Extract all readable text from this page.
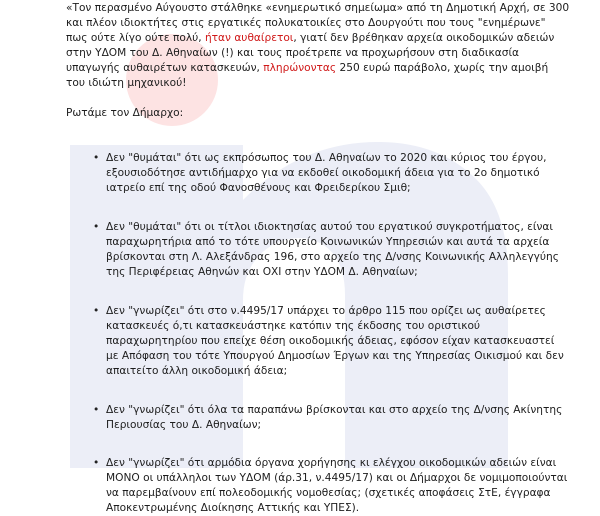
«Τον περασμένο Αύγουστο στάλθηκε «ενημερωτικό σημείωμα» από τη Δημοτική Αρχή, σε 300 και πλέον ιδιοκτήτες στις εργατικές πολυκατοικίες στο Δουργούτι που τους "ενημέρωνε" πως ούτε λίγο ούτε πολύ, ήταν αυθαίρετοι, γιατί δεν βρέθηκαν αρχεία οικοδομικών αδειών στην ΥΔΟΜ του Δ. Αθηναίων (!) και τους προέτρεπε να προχωρήσουν στη διαδικασία υπαγωγής αυθαιρέτων κατασκευών, πληρώνοντας 250 ευρώ παράβολο, χωρίς την αμοιβή του ιδιώτη μηχανικού!

Ρωτάμε τον Δήμαρχο:

• Δεν "θυμάται" ότι ως εκπρόσωπος του Δ. Αθηναίων το 2020 και κύριος του έργου, εξουσιοδότησε αντιδήμαρχο για να εκδοθεί οικοδομική άδεια για το 2ο δημοτικό ιατρείο επί της οδού Φανοσθένους και Φρειδερίκου Σμιθ;
• Δεν "θυμάται" ότι οι τίτλοι ιδιοκτησίας αυτού του εργατικού συγκροτήματος, είναι παραχωρητήρια από το τότε υπουργείο Κοινωνικών Υπηρεσιών και αυτά τα αρχεία βρίσκονται στη Λ. Αλεξάνδρας 196, στο αρχείο της Δ/νσης Κοινωνικής Αλληλεγγύης της Περιφέρειας Αθηνών και ΟΧΙ στην ΥΔΟΜ Δ. Αθηναίων;
• Δεν "γνωρίζει" ότι στο ν.4495/17 υπάρχει το άρθρο 115 που ορίζει ως αυθαίρετες κατασκευές ό,τι κατασκευάστηκε κατόπιν της έκδοσης του οριστικού παραχωρητηρίου που επείχε θέση οικοδομικής άδειας, εφόσον είχαν κατασκευαστεί με Απόφαση του τότε Υπουργού Δημοσίων Έργων και της Υπηρεσίας Οικισμού και δεν απαιτείτο άλλη οικοδομική άδεια;
• Δεν "γνωρίζει" ότι όλα τα παραπάνω βρίσκονται και στο αρχείο της Δ/νσης Ακίνητης Περιουσίας του Δ. Αθηναίων;
• Δεν "γνωρίζει" ότι αρμόδια όργανα χορήγησης κι ελέγχου οικοδομικών αδειών είναι ΜΟΝΟ οι υπάλληλοι των ΥΔΟΜ (άρ.31, ν.4495/17) και οι Δήμαρχοι δε νομιμοποιούνται να παρεμβαίνουν επί πολεοδομικής νομοθεσίας; (σχετικές αποφάσεις ΣτΕ, έγγραφα Αποκεντρωμένης Διοίκησης Αττικής και ΥΠΕΣ).
